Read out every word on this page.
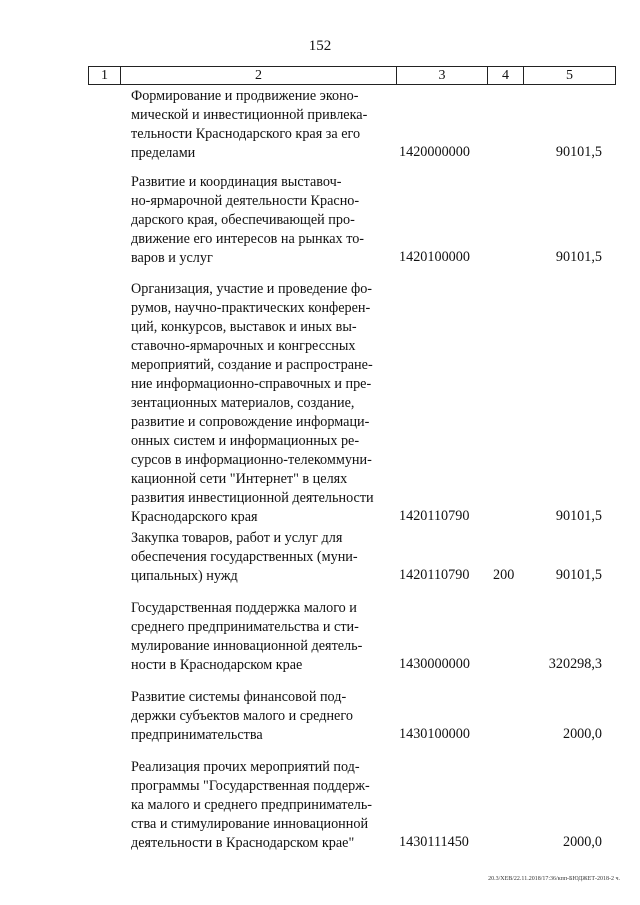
152
1	2	3	4	5
Формирование и продвижение эконо-
мической и инвестиционной привлека-
тельности Краснодарского края за его
пределами	1420000000	90101,5
Развитие и координация выставоч-
но-ярмарочной деятельности Красно-
дарского края, обеспечивающей про-
движение его интересов на рынках то-
варов и услуг	1420100000	90101,5
Организация, участие и проведение фо-
румов, научно-практических конферен-
ций, конкурсов, выставок и иных вы-
ставочно-ярмарочных и конгрессных
мероприятий, создание и распростране-
ние информационно-справочных и пре-
зентационных материалов, создание,
развитие и сопровождение информаци-
онных систем и информационных ре-
сурсов в информационно-телекоммуни-
кационной сети "Интернет" в целях
развития инвестиционной деятельности
Краснодарского края	1420110790	90101,5
Закупка товаров, работ и услуг для
обеспечения государственных (муни-
ципальных) нужд	1420110790 200	90101,5
Государственная поддержка малого и
среднего предпринимательства и сти-
мулирование инновационной деятель-
ности в Краснодарском крае	1430000000	320298,3
Развитие системы финансовой под-
держки субъектов малого и среднего
предпринимательства	1430100000	2000,0
Реализация прочих мероприятий под-
программы "Государственная поддерж-
ка малого и среднего предприниматель-
ства и стимулирование инновационной
деятельности в Краснодарском крае"	1430111450	2000,0
20.3/ХЕВ/22.11.2018/17:36/кпп-БЮДЖЕТ-2018-2 ч.
